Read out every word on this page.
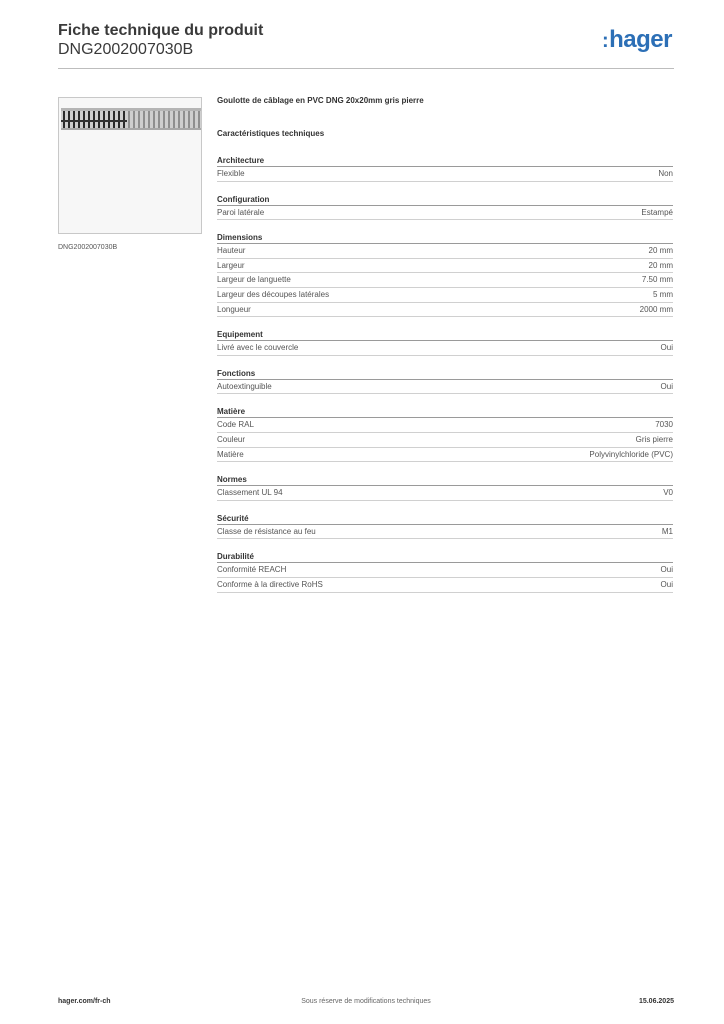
Fiche technique du produit
DNG2002007030B	:hager
DNG2002007030B
Goulotte de câblage en PVC DNG 20x20mm gris pierre
Caractéristiques techniques
Architecture
Flexible	Non
Configuration
Paroi latérale	Estampé
Dimensions
Hauteur	20 mm
Largeur	20 mm
Largeur de languette	7.50 mm
Largeur des découpes latérales	5 mm
Longueur	2000 mm
Equipement
Livré avec le couvercle	Oui
Fonctions
Autoextinguible	Oui
Matière
Code RAL	7030
Couleur	Gris pierre
Matière	Polyvinylchloride (PVC)
Normes
Classement UL 94	V0
Sécurité
Classe de résistance au feu	M1
Durabilité
Conformité REACH	Oui
Conforme à la directive RoHS	Oui
hager.com/fr-ch	Sous réserve de modifications techniques	15.06.2025
